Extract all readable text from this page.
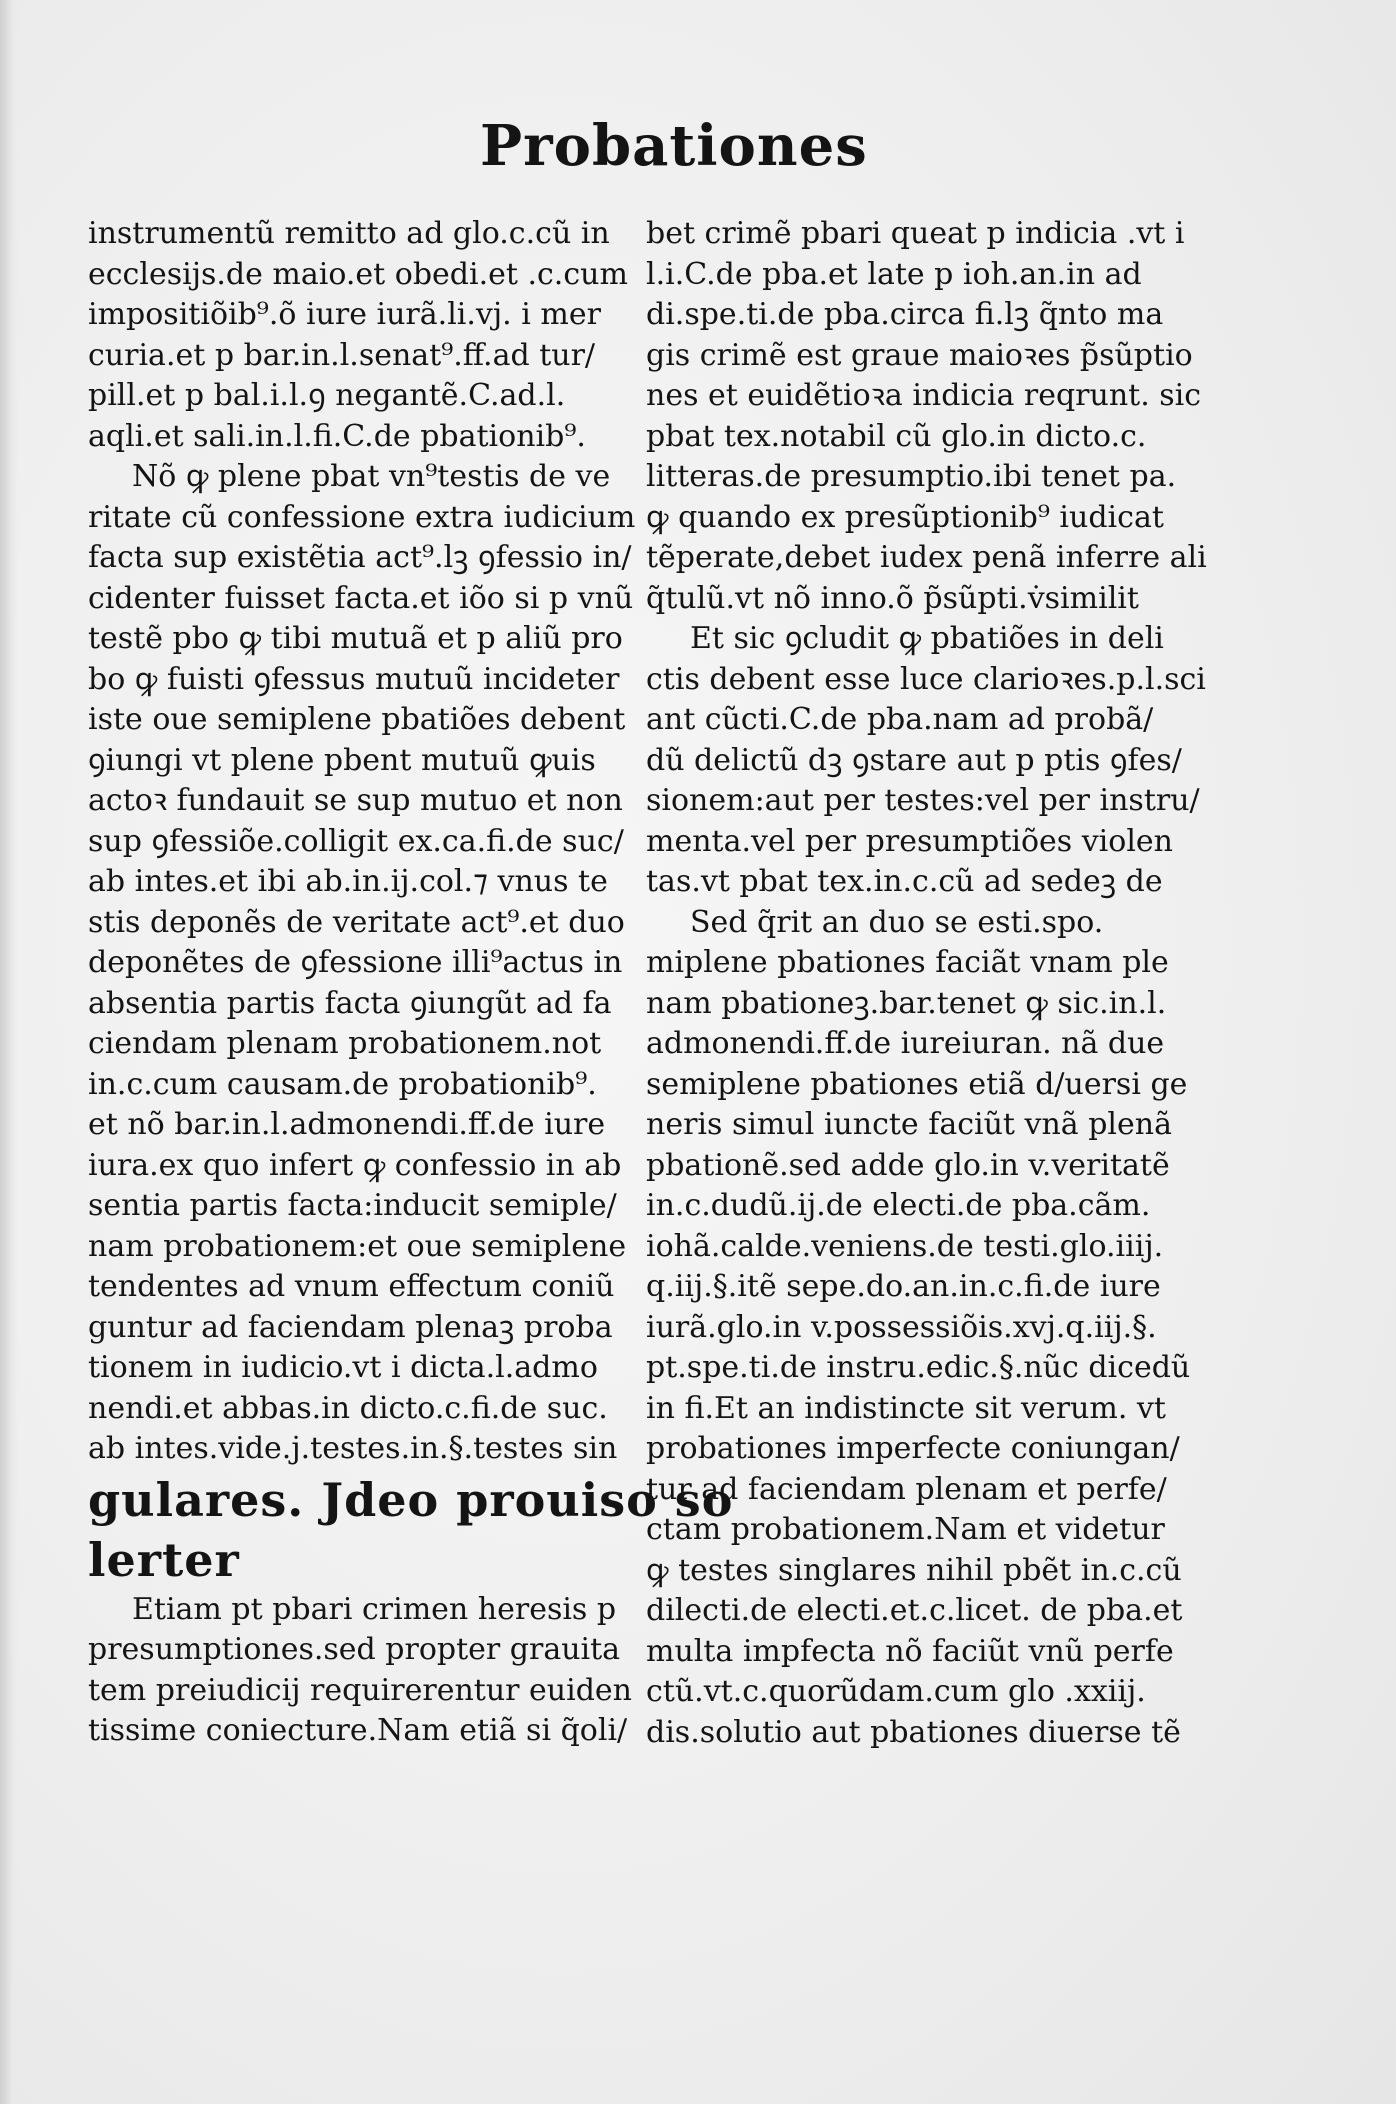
Probationes
instrumentũ remitto ad glo.c.cũ in
ecclesijs.de maio.et obedi.et .c.cum
impositiõib⁹.õ iure iurã.li.vj. i mer
curia.et p bar.in.l.senat⁹.ff.ad tur/
pill.et p bal.i.l.ꝯ negantẽ.C.ad.l.
aqli.et sali.in.l.fi.C.de pbationib⁹.
Nõ ꝙ plene pbat vn⁹testis de ve
ritate cũ confessione extra iudicium
facta sup existẽtia act⁹.lꝫ ꝯfessio in/
cidenter fuisset facta.et iõo si p vnũ
testẽ pbo ꝙ tibi mutuã et p aliũ pro
bo ꝙ fuisti ꝯfessus mutuũ incideter
iste oue semiplene pbatiões debent
ꝯiungi vt plene pbent mutuũ ꝙuis
actoꝛ fundauit se sup mutuo et non
sup ꝯfessiõe.colligit ex.ca.fi.de suc/
ab intes.et ibi ab.in.ij.col.⁊ vnus te
stis deponẽs de veritate act⁹.et duo
deponẽtes de ꝯfessione illi⁹actus in
absentia partis facta ꝯiungũt ad fa
ciendam plenam probationem.not
in.c.cum causam.de probationib⁹.
et nõ bar.in.l.admonendi.ff.de iure
iura.ex quo infert ꝙ confessio in ab
sentia partis facta:inducit semiple/
nam probationem:et oue semiplene
tendentes ad vnum effectum coniũ
guntur ad faciendam plenaꝫ proba
tionem in iudicio.vt i dicta.l.admo
nendi.et abbas.in dicto.c.fi.de suc.
ab intes.vide.j.testes.in.§.testes sin
gulares. Jdeo prouiso so
lerter
Etiam pt pbari crimen heresis p
presumptiones.sed propter grauita
tem preiudicij requirerentur euiden
tissime coniecture.Nam etiã si q̃oli/
bet crimẽ pbari queat p indicia .vt i
l.i.C.de pba.et late p ioh.an.in ad
di.spe.ti.de pba.circa fi.lꝫ q̃nto ma
gis crimẽ est graue maioꝛes p̃sũptio
nes et euidẽtioꝛa indicia reqrunt. sic
pbat tex.notabil cũ glo.in dicto.c.
litteras.de presumptio.ibi tenet pa.
ꝙ quando ex presũptionib⁹ iudicat
tẽperate,debet iudex penã inferre ali
q̃tulũ.vt nõ inno.õ p̃sũpti.v̇similit
Et sic ꝯcludit ꝙ pbatiões in deli
ctis debent esse luce clarioꝛes.p.l.sci
ant cũcti.C.de pba.nam ad probã/
dũ delictũ dꝫ ꝯstare aut p ptis ꝯfes/
sionem:aut per testes:vel per instru/
menta.vel per presumptiões violen
tas.vt pbat tex.in.c.cũ ad sedeꝫ de
Sed q̃rit an duo se esti.spo.
miplene pbationes faciãt vnam ple
nam pbationeꝫ.bar.tenet ꝙ sic.in.l.
admonendi.ff.de iureiuran. nã due
semiplene pbationes etiã d/uersi ge
neris simul iuncte faciũt vnã plenã
pbationẽ.sed adde glo.in v.veritatẽ
in.c.dudũ.ij.de electi.de pba.cãm.
iohã.calde.veniens.de testi.glo.iiij.
q.iij.§.itẽ sepe.do.an.in.c.fi.de iure
iurã.glo.in v.possessiõis.xvj.q.iij.§.
pt.spe.ti.de instru.edic.§.nũc dicedũ
in fi.Et an indistincte sit verum. vt
probationes imperfecte coniungan/
tur ad faciendam plenam et perfe/
ctam probationem.Nam et videtur
ꝙ testes singlares nihil pbẽt in.c.cũ
dilecti.de electi.et.c.licet. de pba.et
multa impfecta nõ faciũt vnũ perfe
ctũ.vt.c.quorũdam.cum glo .xxiij.
dis.solutio aut pbationes diuerse tẽ
